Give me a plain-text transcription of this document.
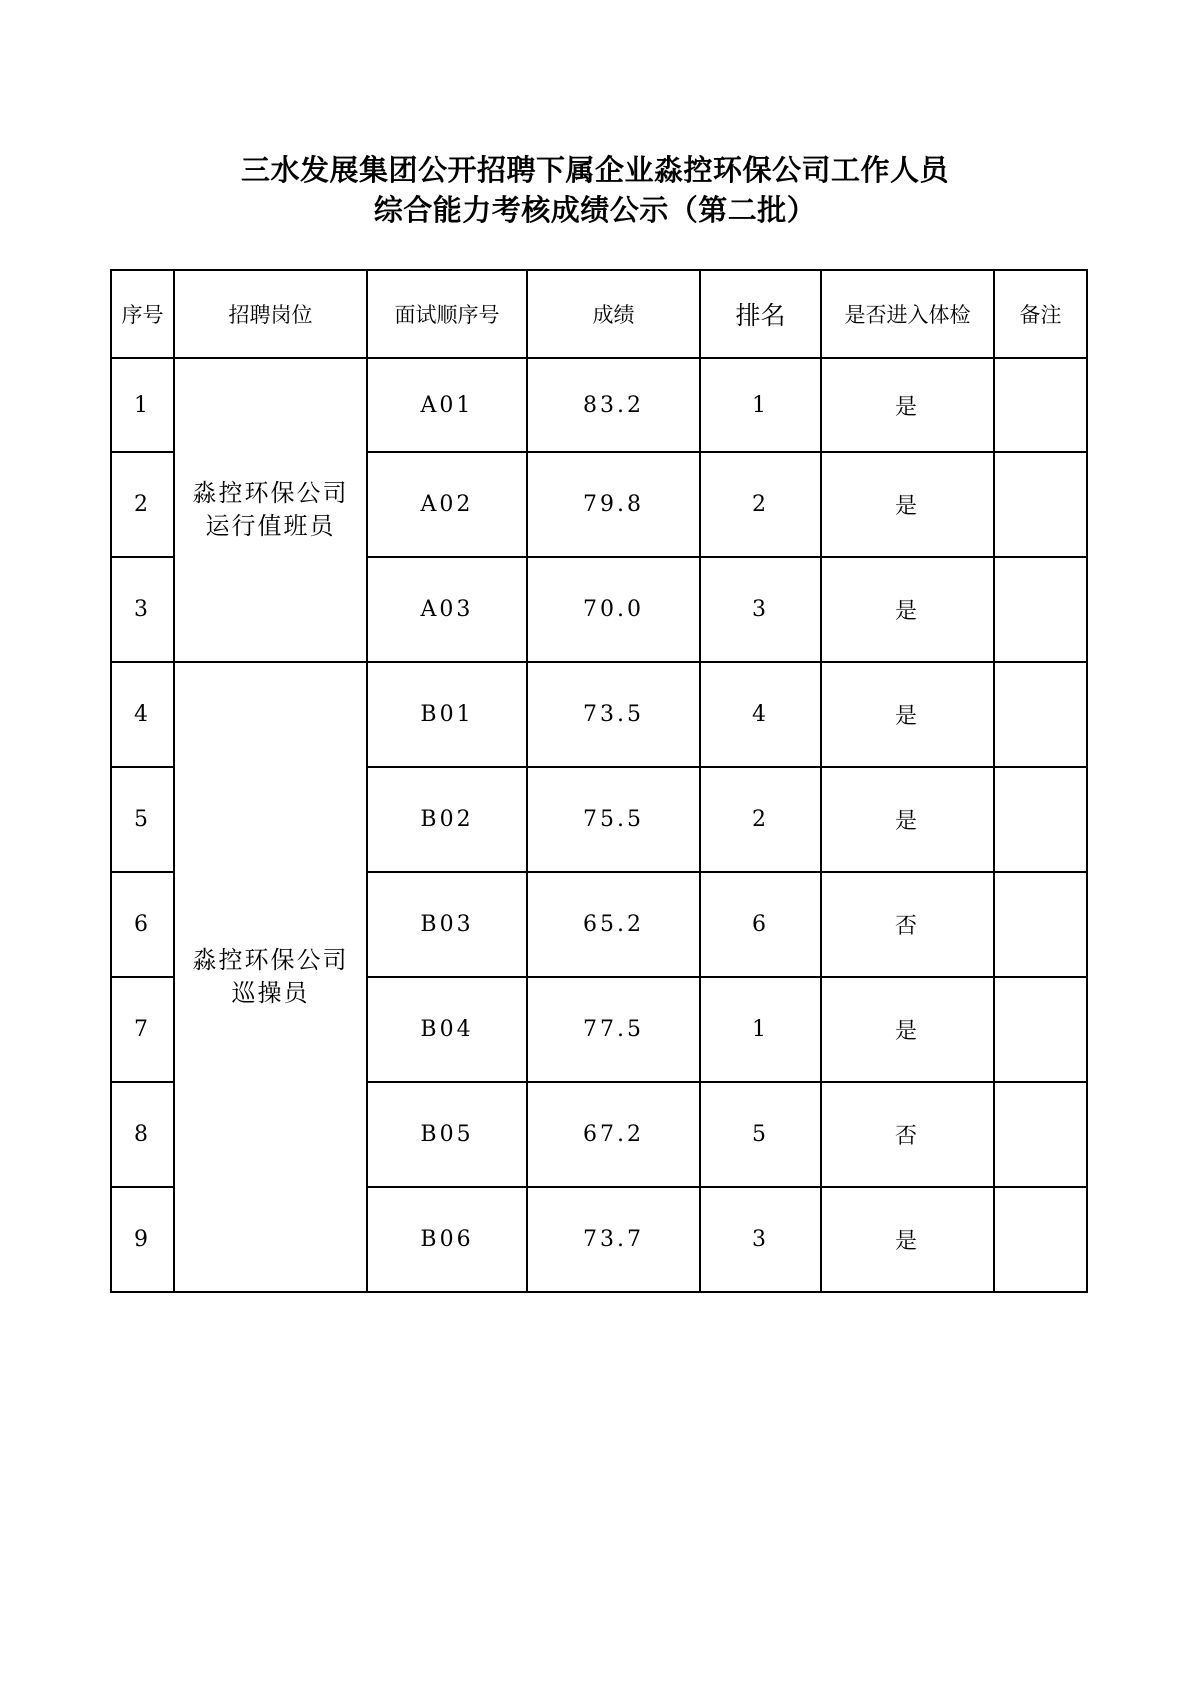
三水发展集团公开招聘下属企业淼控环保公司工作人员
综合能力考核成绩公示（第二批）
序号	招聘岗位	面试顺序号	成绩	排名	是否进入体检	备注
1	淼控环保公司
运行值班员	A01	83.2	1	是	
2		A02	79.8	2	是	
3		A03	70.0	3	是	
4	淼控环保公司
巡操员	B01	73.5	4	是	
5		B02	75.5	2	是	
6		B03	65.2	6	否	
7		B04	77.5	1	是	
8		B05	67.2	5	否	
9		B06	73.7	3	是	
